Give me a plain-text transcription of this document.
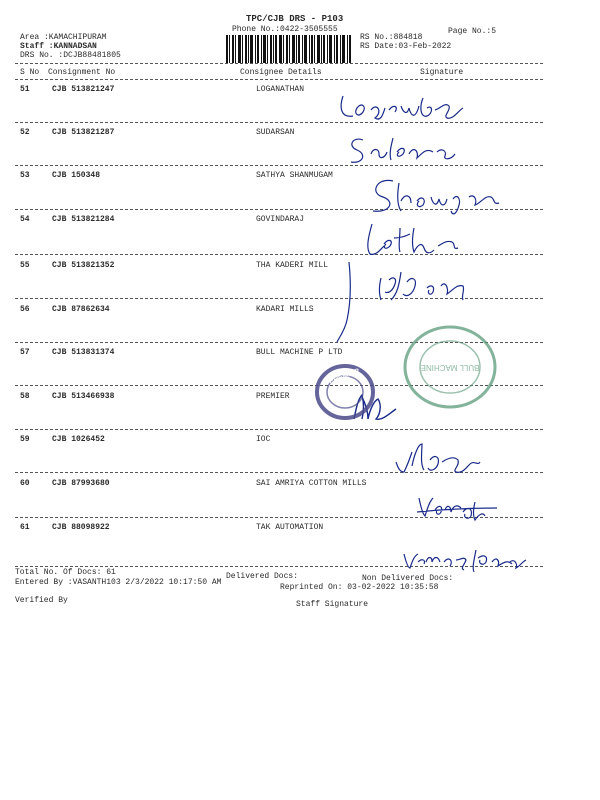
TPC/CJB DRS - P103
Phone No.:0422-3505555	Page No.:5
Area :KAMACHIPURAM
Staff :KANNADSAN
DRS No. :DCJB88481805
RS No.:884818
RS Date:03-Feb-2022
S No Consignment No	Consignee Details	Signature
51	CJB 513821247	LOGANATHAN
52	CJB 513821287	SUDARSAN
53	CJB 150348	SATHYA SHANMUGAM
54	CJB 513821284	GOVINDARAJ
55	CJB 513821352	THA KADERI MILL
56	CJB 87862634	KADARI MILLS
57	CJB 513831374	BULL MACHINE P LTD
58	CJB 513466938	PREMIER
59	CJB 1026452	IOC
60	CJB 87993680	SAI AMRIYA COTTON MILLS
61	CJB 88098922	TAK AUTOMATION
BULL MACHINE
PREMIER
Total No. Of Docs: 61	Delivered Docs:	Non Delivered Docs:
Entered By :VASANTH103 2/3/2022 10:17:50 AM
Reprinted On: 03-02-2022 10:35:58
Verified By	Staff Signature
